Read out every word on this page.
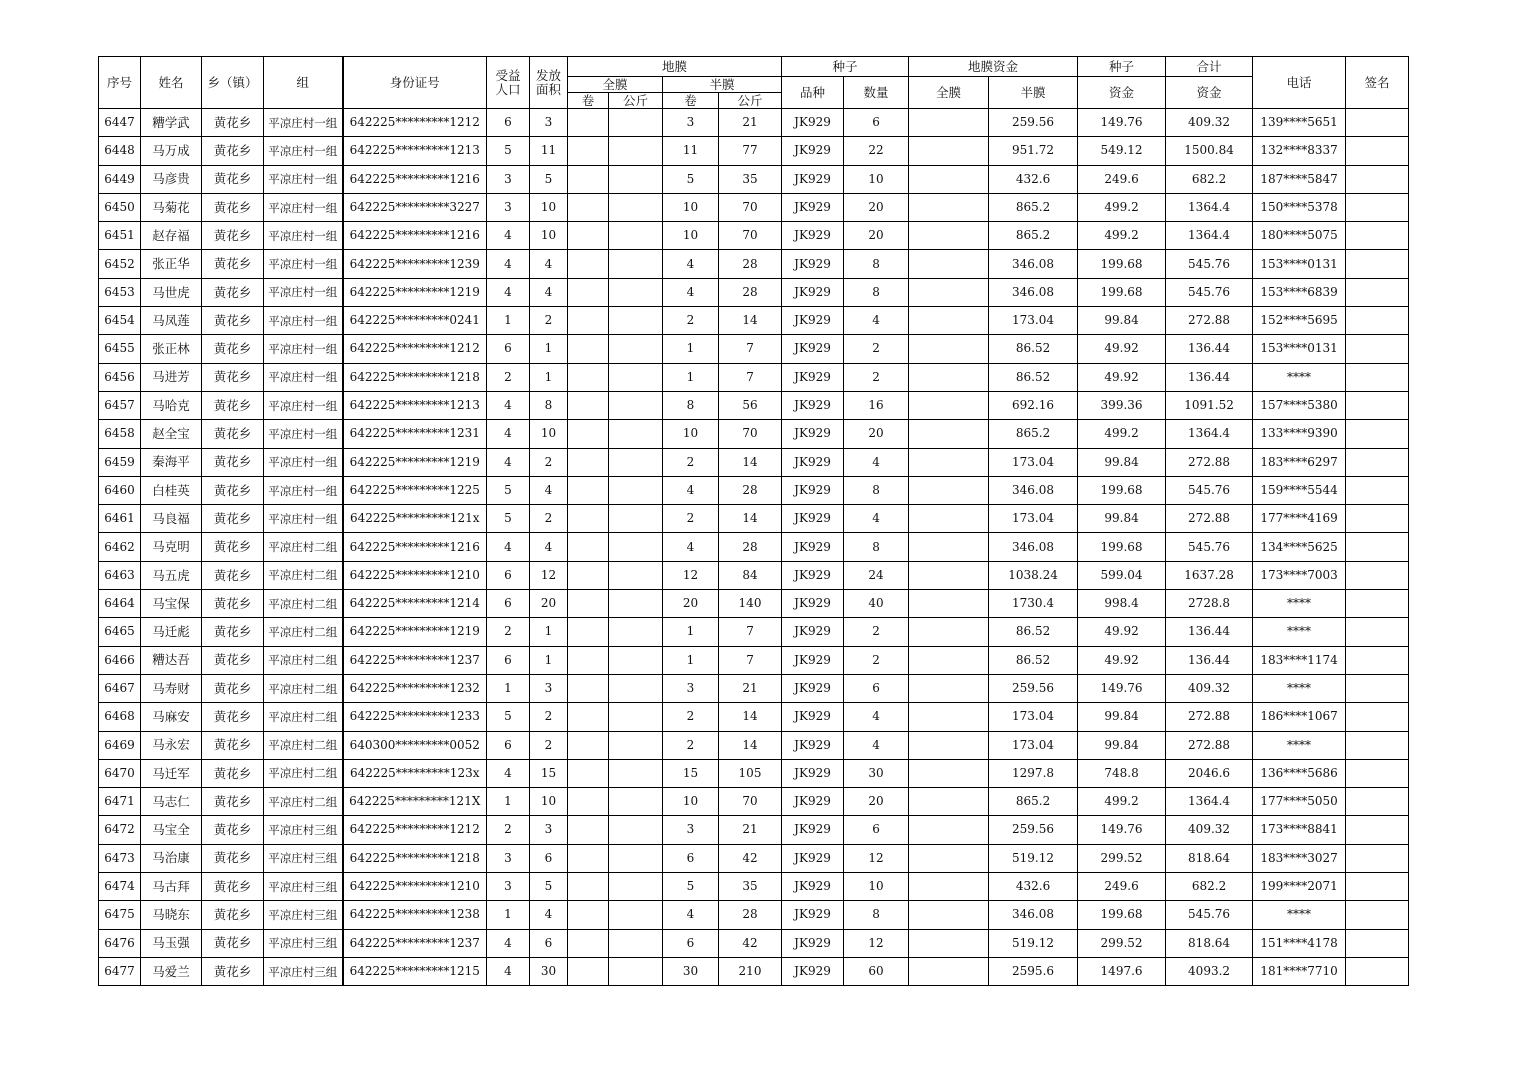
序号	姓名	乡（镇）	组	身份证号	受益人口	发放面积	地膜				种子		地膜资金		种子	合计	电话	签名
							全膜		半膜		品种	数量	全膜	半膜	资金	资金		
							卷	公斤	卷	公斤								
6447	糟学武	黄花乡	平凉庄村一组	642225*********1212	6	3			3	21	JK929	6		259.56	149.76	409.32	139****5651	
6448	马万成	黄花乡	平凉庄村一组	642225*********1213	5	11			11	77	JK929	22		951.72	549.12	1500.84	132****8337	
6449	马彦贵	黄花乡	平凉庄村一组	642225*********1216	3	5			5	35	JK929	10		432.6	249.6	682.2	187****5847	
6450	马菊花	黄花乡	平凉庄村一组	642225*********3227	3	10			10	70	JK929	20		865.2	499.2	1364.4	150****5378	
6451	赵存福	黄花乡	平凉庄村一组	642225*********1216	4	10			10	70	JK929	20		865.2	499.2	1364.4	180****5075	
6452	张正华	黄花乡	平凉庄村一组	642225*********1239	4	4			4	28	JK929	8		346.08	199.68	545.76	153****0131	
6453	马世虎	黄花乡	平凉庄村一组	642225*********1219	4	4			4	28	JK929	8		346.08	199.68	545.76	153****6839	
6454	马凤莲	黄花乡	平凉庄村一组	642225*********0241	1	2			2	14	JK929	4		173.04	99.84	272.88	152****5695	
6455	张正林	黄花乡	平凉庄村一组	642225*********1212	6	1			1	7	JK929	2		86.52	49.92	136.44	153****0131	
6456	马进芳	黄花乡	平凉庄村一组	642225*********1218	2	1			1	7	JK929	2		86.52	49.92	136.44	****	
6457	马哈克	黄花乡	平凉庄村一组	642225*********1213	4	8			8	56	JK929	16		692.16	399.36	1091.52	157****5380	
6458	赵全宝	黄花乡	平凉庄村一组	642225*********1231	4	10			10	70	JK929	20		865.2	499.2	1364.4	133****9390	
6459	秦海平	黄花乡	平凉庄村一组	642225*********1219	4	2			2	14	JK929	4		173.04	99.84	272.88	183****6297	
6460	白桂英	黄花乡	平凉庄村一组	642225*********1225	5	4			4	28	JK929	8		346.08	199.68	545.76	159****5544	
6461	马良福	黄花乡	平凉庄村一组	642225*********121x	5	2			2	14	JK929	4		173.04	99.84	272.88	177****4169	
6462	马克明	黄花乡	平凉庄村二组	642225*********1216	4	4			4	28	JK929	8		346.08	199.68	545.76	134****5625	
6463	马五虎	黄花乡	平凉庄村二组	642225*********1210	6	12			12	84	JK929	24		1038.24	599.04	1637.28	173****7003	
6464	马宝保	黄花乡	平凉庄村二组	642225*********1214	6	20			20	140	JK929	40		1730.4	998.4	2728.8	****	
6465	马迁彪	黄花乡	平凉庄村二组	642225*********1219	2	1			1	7	JK929	2		86.52	49.92	136.44	****	
6466	糟达吾	黄花乡	平凉庄村二组	642225*********1237	6	1			1	7	JK929	2		86.52	49.92	136.44	183****1174	
6467	马寿财	黄花乡	平凉庄村二组	642225*********1232	1	3			3	21	JK929	6		259.56	149.76	409.32	****	
6468	马麻安	黄花乡	平凉庄村二组	642225*********1233	5	2			2	14	JK929	4		173.04	99.84	272.88	186****1067	
6469	马永宏	黄花乡	平凉庄村二组	640300*********0052	6	2			2	14	JK929	4		173.04	99.84	272.88	****	
6470	马迁军	黄花乡	平凉庄村二组	642225*********123x	4	15			15	105	JK929	30		1297.8	748.8	2046.6	136****5686	
6471	马志仁	黄花乡	平凉庄村二组	642225*********121X	1	10			10	70	JK929	20		865.2	499.2	1364.4	177****5050	
6472	马宝全	黄花乡	平凉庄村三组	642225*********1212	2	3			3	21	JK929	6		259.56	149.76	409.32	173****8841	
6473	马治康	黄花乡	平凉庄村三组	642225*********1218	3	6			6	42	JK929	12		519.12	299.52	818.64	183****3027	
6474	马古拜	黄花乡	平凉庄村三组	642225*********1210	3	5			5	35	JK929	10		432.6	249.6	682.2	199****2071	
6475	马晓东	黄花乡	平凉庄村三组	642225*********1238	1	4			4	28	JK929	8		346.08	199.68	545.76	****	
6476	马玉强	黄花乡	平凉庄村三组	642225*********1237	4	6			6	42	JK929	12		519.12	299.52	818.64	151****4178	
6477	马爱兰	黄花乡	平凉庄村三组	642225*********1215	4	30			30	210	JK929	60		2595.6	1497.6	4093.2	181****7710	
